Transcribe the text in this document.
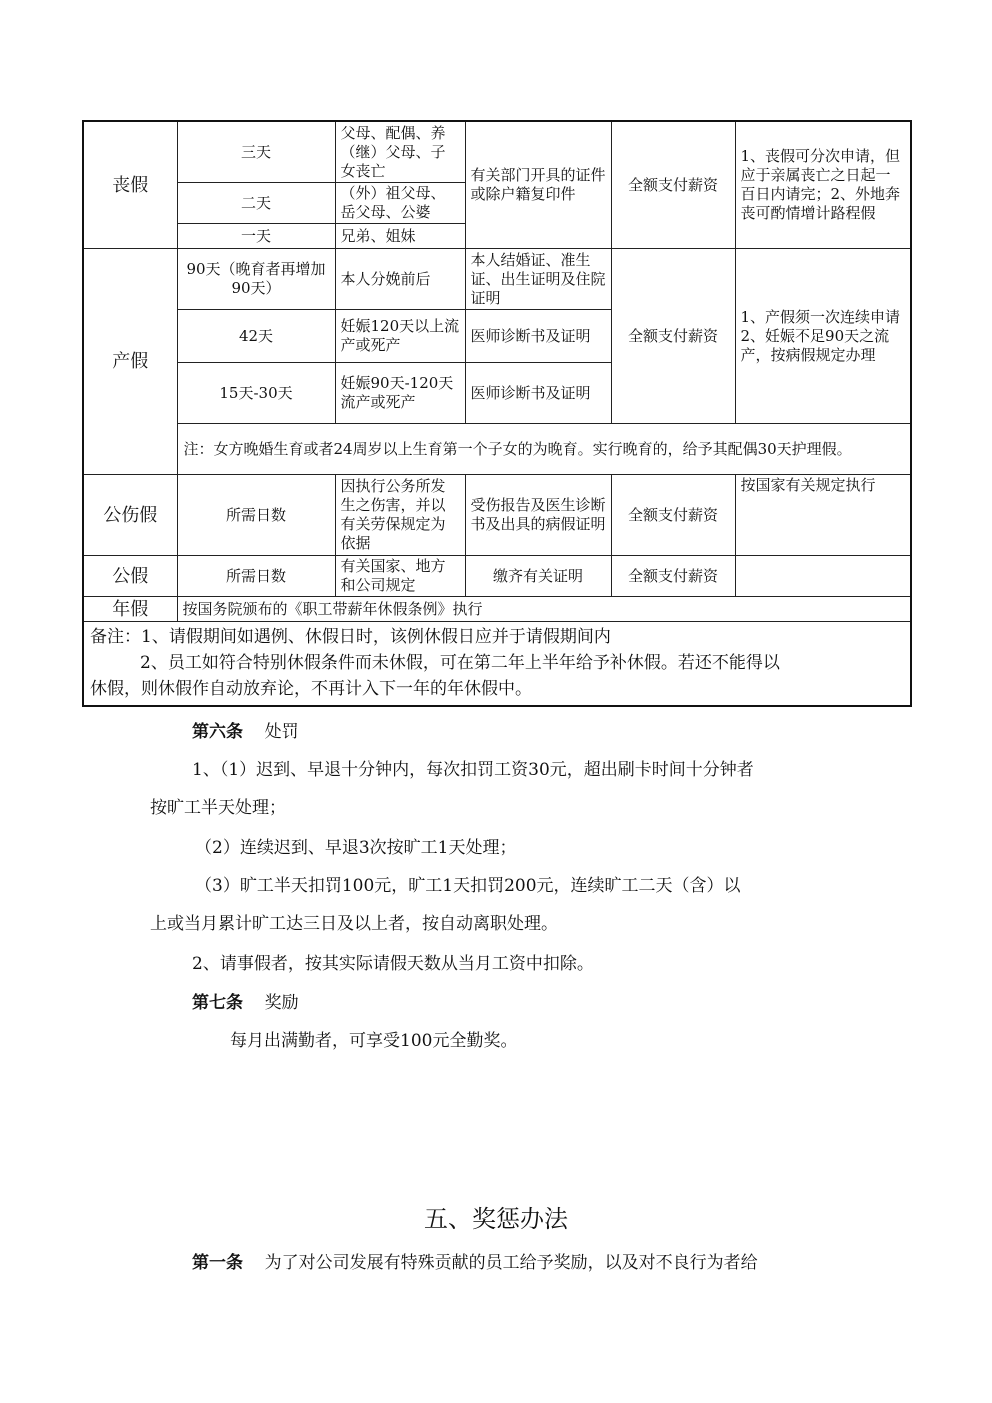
丧假	三天	父母、配偶、养（继）父母、子女丧亡	有关部门开具的证件或除户籍复印件	全额支付薪资	1、丧假可分次申请，但应于亲属丧亡之日起一百日内请完；2、外地奔丧可酌情增计路程假
	二天	（外）祖父母、岳父母、公婆			
	一天	兄弟、姐妹			
产假	90天（晚育者再增加90天）	本人分娩前后	本人结婚证、准生证、出生证明及住院证明	全额支付薪资	1、产假须一次连续申请 2、妊娠不足90天之流产，按病假规定办理
	42天	妊娠120天以上流产或死产	医师诊断书及证明		
	15天-30天	妊娠90天-120天流产或死产	医师诊断书及证明		
	注：女方晚婚生育或者24周岁以上生育第一个子女的为晚育。实行晚育的，给予其配偶30天护理假。				
公伤假	所需日数	因执行公务所发生之伤害，并以有关劳保规定为依据	受伤报告及医生诊断书及出具的病假证明	全额支付薪资	按国家有关规定执行
公假	所需日数	有关国家、地方和公司规定	缴齐有关证明	全额支付薪资	
年假	按国务院颁布的《职工带薪年休假条例》执行				

备注：1、请假期间如遇例、休假日时，该例休假日应并于请假期间内
2、员工如符合特别休假条件而未休假，可在第二年上半年给予补休假。若还不能得以
休假，则休假作自动放弃论，不再计入下一年的年休假中。					
第六条 处罚
1、（1）迟到、早退十分钟内，每次扣罚工资30元，超出刷卡时间十分钟者
按旷工半天处理；
（2）连续迟到、早退3次按旷工1天处理；
（3）旷工半天扣罚100元，旷工1天扣罚200元，连续旷工二天（含）以
上或当月累计旷工达三日及以上者，按自动离职处理。
2、请事假者，按其实际请假天数从当月工资中扣除。
第七条 奖励
每月出满勤者，可享受100元全勤奖。
五、奖惩办法
第一条 为了对公司发展有特殊贡献的员工给予奖励，以及对不良行为者给
